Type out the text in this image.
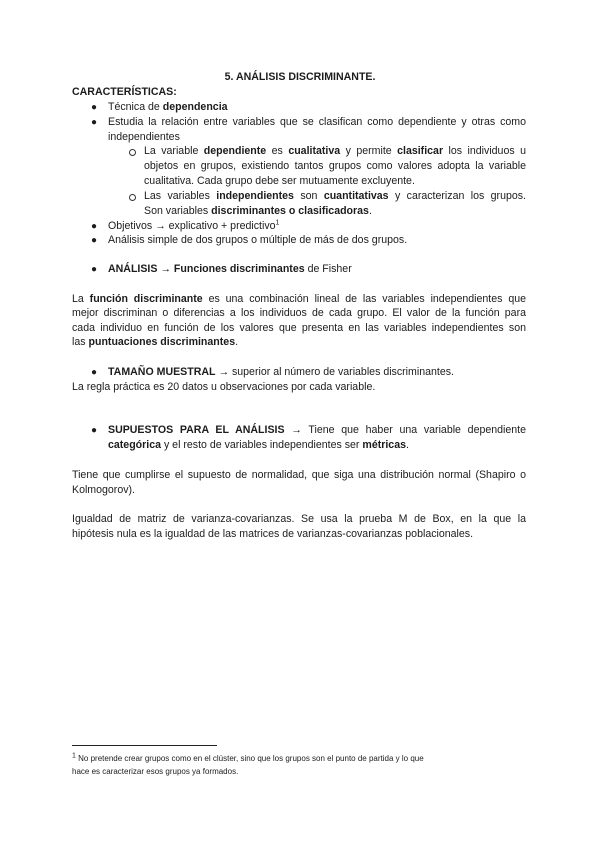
5. ANÁLISIS DISCRIMINANTE.
CARACTERÍSTICAS:
● Técnica de dependencia
● Estudia la relación entre variables que se clasifican como dependiente y otras como
independientes
La variable dependiente es cualitativa y permite clasificar los individuos u
objetos en grupos, existiendo tantos grupos como valores adopta la variable
cualitativa. Cada grupo debe ser mutuamente excluyente.
Las variables independientes son cuantitativas y caracterizan los grupos.
Son variables discriminantes o clasificadoras.
● Objetivos → explicativo + predictivo$^1$
● Análisis simple de dos grupos o múltiple de más de dos grupos.
● ANÁLISIS → Funciones discriminantes de Fisher
La función discriminante es una combinación lineal de las variables independientes que
mejor discriminan o diferencias a los individuos de cada grupo. El valor de la función para
cada individuo en función de los valores que presenta en las variables independientes son
las puntuaciones discriminantes.
● TAMAÑO MUESTRAL → superior al número de variables discriminantes.
La regla práctica es 20 datos u observaciones por cada variable.
● SUPUESTOS PARA EL ANÁLISIS → Tiene que haber una variable dependiente
categórica y el resto de variables independientes ser métricas.
Tiene que cumplirse el supuesto de normalidad, que siga una distribución normal (Shapiro o
Kolmogorov).
Igualdad de matriz de varianza-covarianzas. Se usa la prueba M de Box, en la que la
hipótesis nula es la igualdad de las matrices de varianzas-covarianzas poblacionales.
$^1$ No pretende crear grupos como en el clúster, sino que los grupos son el punto de partida y lo que
hace es caracterizar esos grupos ya formados.
